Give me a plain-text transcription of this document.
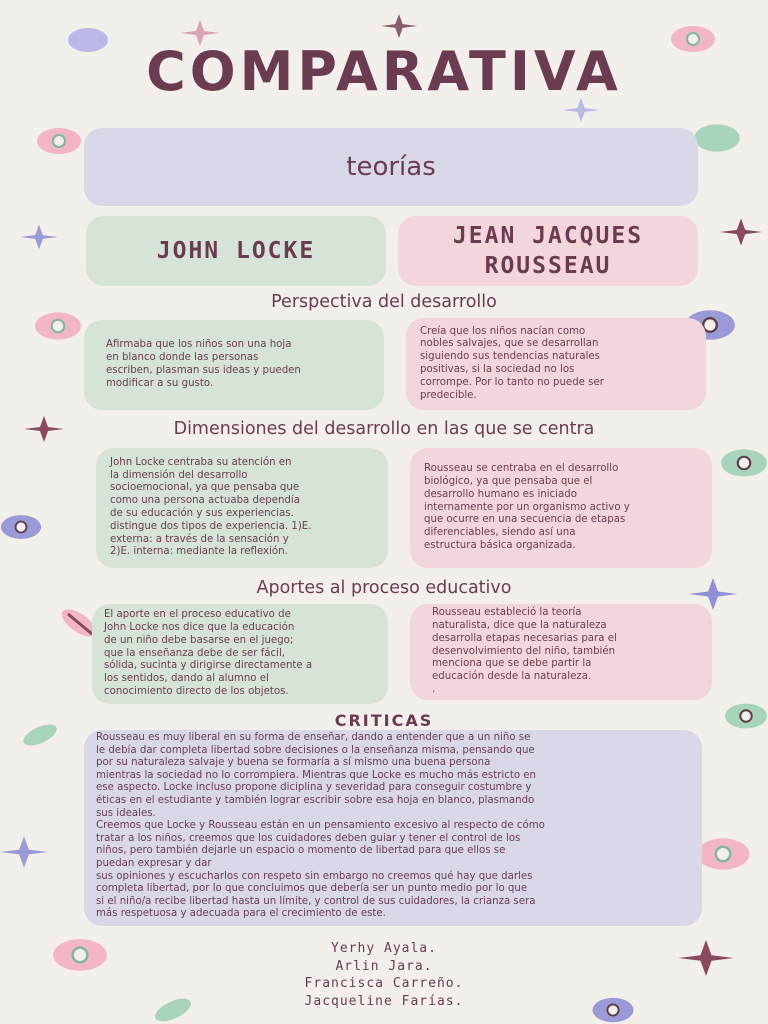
COMPARATIVA
teorías
JOHN LOCKE
JEAN JACQUES ROUSSEAU
Perspectiva del desarrollo
Afirmaba que los niños son una hoja
en blanco donde las personas
escriben, plasman sus ideas y pueden
modificar a su gusto.
Creía que los niños nacían como
nobles salvajes, que se desarrollan
siguiendo sus tendencias naturales
positivas, si la sociedad no los
corrompe. Por lo tanto no puede ser
predecible.
Dimensiones del desarrollo en las que se centra
John Locke centraba su atención en
la dimensión del desarrollo
socioemocional, ya que pensaba que
como una persona actuaba dependía
de su educación y sus experiencias.
distingue dos tipos de experiencia. 1)E.
externa: a través de la sensación y
2)E. interna: mediante la reflexión.
Rousseau se centraba en el desarrollo
biológico, ya que pensaba que el
desarrollo humano es iniciado
internamente por un organismo activo y
que ocurre en una secuencia de etapas
diferenciables, siendo así una
estructura básica organizada.
Aportes al proceso educativo
El aporte en el proceso educativo de
John Locke nos dice que la educación
de un niño debe basarse en el juego;
que la enseñanza debe de ser fácil,
sólida, sucinta y dirigirse directamente a
los sentidos, dando al alumno el
conocimiento directo de los objetos.
Rousseau estableció la teoría
naturalista, dice que la naturaleza
desarrolla etapas necesarias para el
desenvolvimiento del niño, también
menciona que se debe partir la
educación desde la naturaleza.
.
CRITICAS
Rousseau es muy liberal en su forma de enseñar, dando a entender que a un niño se
le debía dar completa libertad sobre decisiones o la enseñanza misma, pensando que
por su naturaleza salvaje y buena se formaría a sí mismo una buena persona
mientras la sociedad no lo corrompiera. Mientras que Locke es mucho más estricto en
ese aspecto. Locke incluso propone diciplina y severidad para conseguir costumbre y
éticas en el estudiante y también lograr escribir sobre esa hoja en blanco, plasmando
sus ideales.
Creemos que Locke y Rousseau están en un pensamiento excesivo al respecto de cómo
tratar a los niños, creemos que los cuidadores deben guiar y tener el control de los
niños, pero también dejarle un espacio o momento de libertad para que ellos se
puedan expresar y dar
sus opiniones y escucharlos con respeto sin embargo no creemos qué hay que darles
completa libertad, por lo que concluimos que debería ser un punto medio por lo que
si el niño/a recibe libertad hasta un límite, y control de sus cuidadores, la crianza sera
más respetuosa y adecuada para el crecimiento de este.
Yerhy Ayala.
Arlin Jara.
Francisca Carreño.
Jacqueline Farías.
